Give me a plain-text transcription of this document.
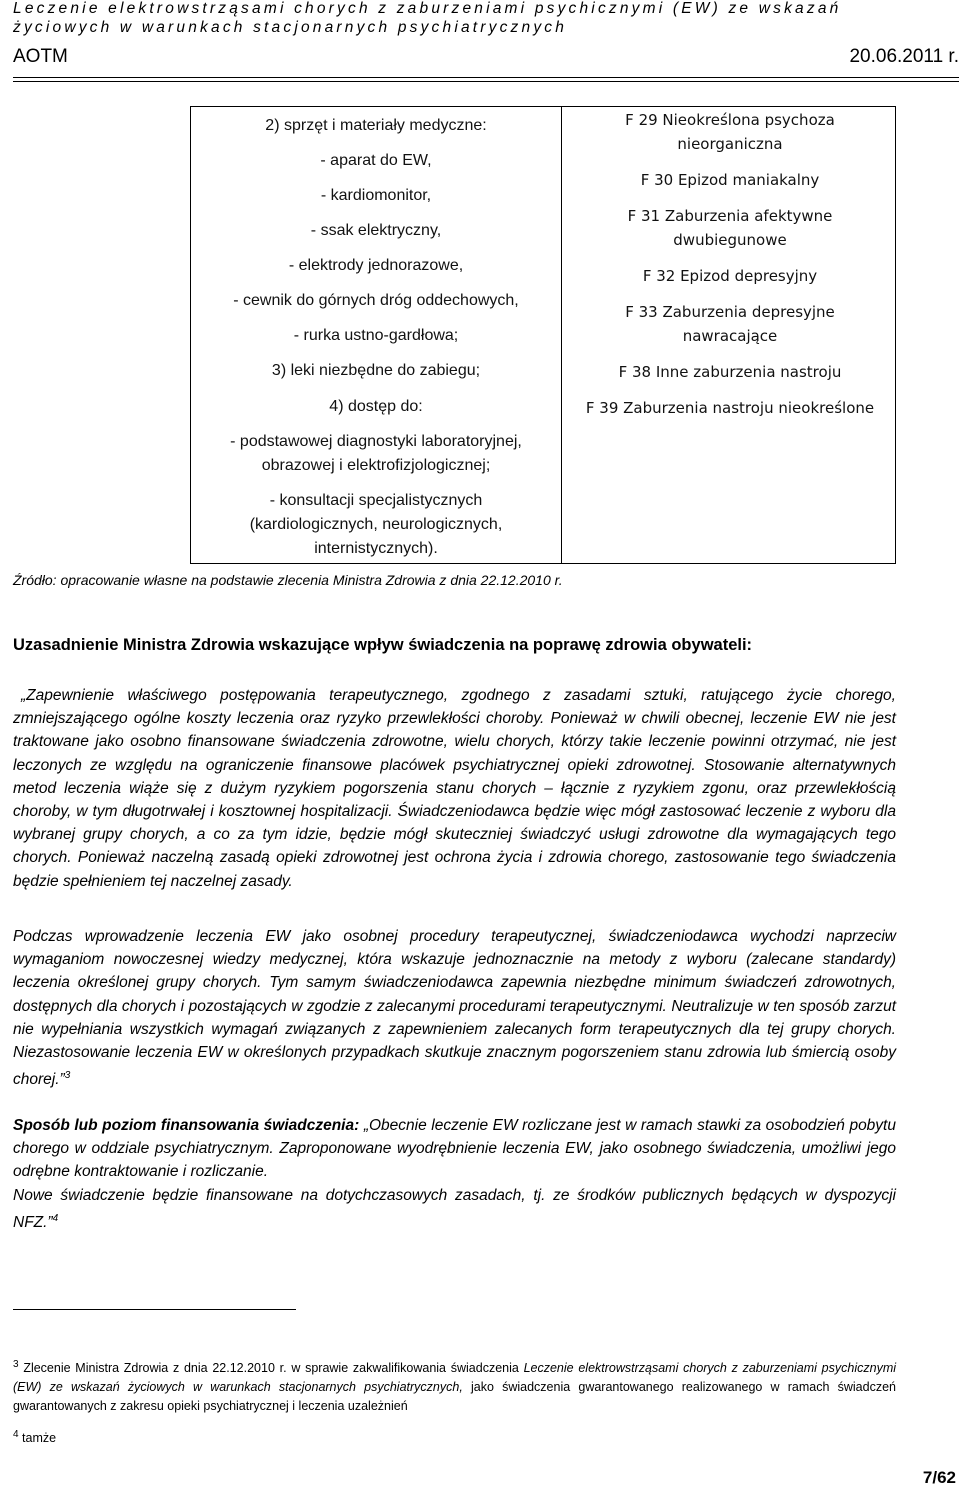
Leczenie elektrowstrząsami chorych z zaburzeniami psychicznymi (EW) ze wskazań
życiowych w warunkach stacjonarnych psychiatrycznych
AOTM	20.06.2011 r.
2) sprzęt i materiały medyczne:
- aparat do EW,
- kardiomonitor,
- ssak elektryczny,
- elektrody jednorazowe,
- cewnik do górnych dróg oddechowych,
- rurka ustno-gardłowa;
3) leki niezbędne do zabiegu;
4) dostęp do:
- podstawowej diagnostyki laboratoryjnej,
obrazowej i elektrofizjologicznej;
- konsultacji specjalistycznych
(kardiologicznych, neurologicznych,
internistycznych).
F 29 Nieokreślona psychoza
nieorganiczna
F 30 Epizod maniakalny
F 31 Zaburzenia afektywne
dwubiegunowe
F 32 Epizod depresyjny
F 33 Zaburzenia depresyjne
nawracające
F 38 Inne zaburzenia nastroju
F 39 Zaburzenia nastroju nieokreślone
Źródło: opracowanie własne na podstawie zlecenia Ministra Zdrowia z dnia 22.12.2010 r.
Uzasadnienie Ministra Zdrowia wskazujące wpływ świadczenia na poprawę zdrowia obywateli:
„Zapewnienie właściwego postępowania terapeutycznego, zgodnego z zasadami sztuki, ratującego życie chorego, zmniejszającego ogólne koszty leczenia oraz ryzyko przewlekłości choroby. Ponieważ w chwili obecnej, leczenie EW nie jest traktowane jako osobno finansowane świadczenia zdrowotne, wielu chorych, którzy takie leczenie powinni otrzymać, nie jest leczonych ze względu na ograniczenie finansowe placówek psychiatrycznej opieki zdrowotnej. Stosowanie alternatywnych metod leczenia wiąże się z dużym ryzykiem pogorszenia stanu chorych – łącznie z ryzykiem zgonu, oraz przewlekłością choroby, w tym długotrwałej i kosztownej hospitalizacji. Świadczeniodawca będzie więc mógł zastosować leczenie z wyboru dla wybranej grupy chorych, a co za tym idzie, będzie mógł skuteczniej świadczyć usługi zdrowotne dla wymagających tego chorych. Ponieważ naczelną zasadą opieki zdrowotnej jest ochrona życia i zdrowia chorego, zastosowanie tego świadczenia będzie spełnieniem tej naczelnej zasady.
Podczas wprowadzenie leczenia EW jako osobnej procedury terapeutycznej, świadczeniodawca wychodzi naprzeciw wymaganiom nowoczesnej wiedzy medycznej, która wskazuje jednoznacznie na metody z wyboru (zalecane standardy) leczenia określonej grupy chorych. Tym samym świadczeniodawca zapewnia niezbędne minimum świadczeń zdrowotnych, dostępnych dla chorych i pozostających w zgodzie z zalecanymi procedurami terapeutycznymi. Neutralizuje w ten sposób zarzut nie wypełniania wszystkich wymagań związanych z zapewnieniem zalecanych form terapeutycznych dla tej grupy chorych. Niezastosowanie leczenia EW w określonych przypadkach skutkuje znacznym pogorszeniem stanu zdrowia lub śmiercią osoby chorej.”$^3$
Sposób lub poziom finansowania świadczenia: „Obecnie leczenie EW rozliczane jest w ramach stawki za osobodzień pobytu chorego w oddziale psychiatrycznym. Zaproponowane wyodrębnienie leczenia EW, jako osobnego świadczenia, umożliwi jego odrębne kontraktowanie i rozliczanie.
Nowe świadczenie będzie finansowane na dotychczasowych zasadach, tj. ze środków publicznych będących w dyspozycji NFZ.”$^4$
$^3$ Zlecenie Ministra Zdrowia z dnia 22.12.2010 r. w sprawie zakwalifikowania świadczenia Leczenie elektrowstrząsami chorych z zaburzeniami psychicznymi (EW) ze wskazań życiowych w warunkach stacjonarnych psychiatrycznych, jako świadczenia gwarantowanego realizowanego w ramach świadczeń gwarantowanych z zakresu opieki psychiatrycznej i leczenia uzależnień
$^4$ tamże
7/62
